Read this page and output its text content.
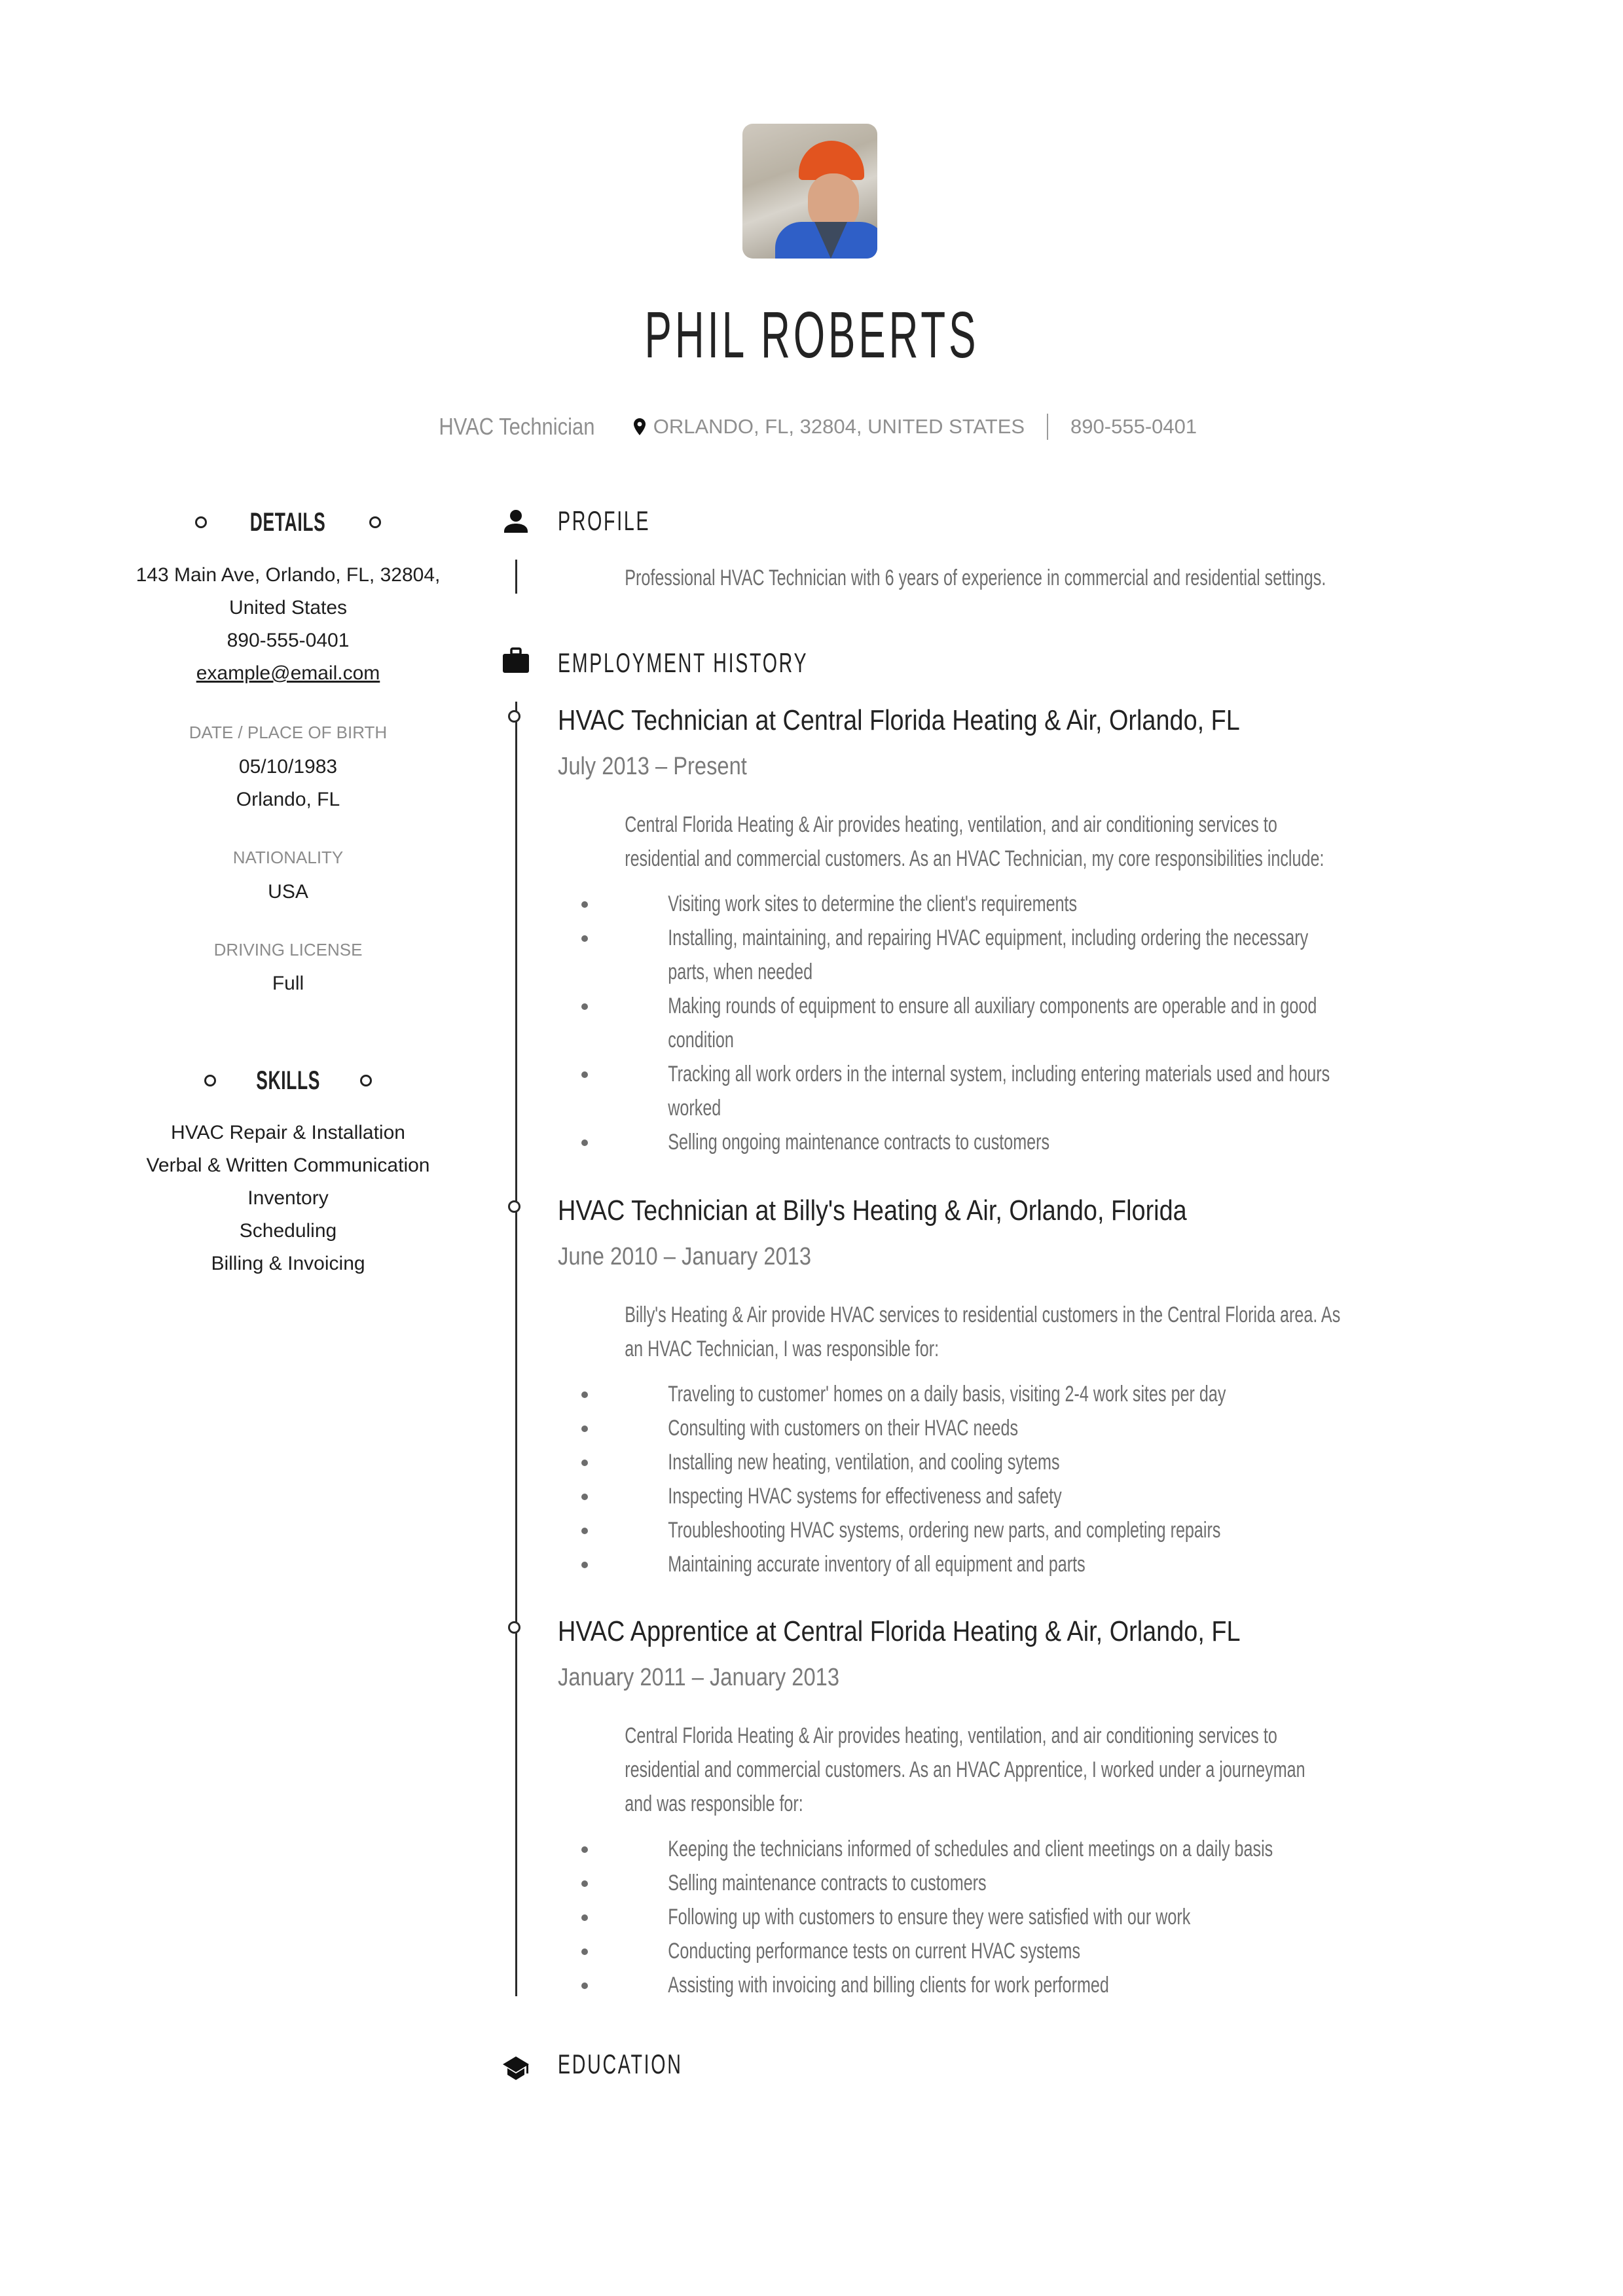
PHIL ROBERTS
HVAC Technician	ORLANDO, FL, 32804, UNITED STATES 890-555-0401
DETAILS
143 Main Ave, Orlando, FL, 32804,
United States
890-555-0401
example@email.com
DATE / PLACE OF BIRTH
05/10/1983
Orlando, FL
NATIONALITY
USA
DRIVING LICENSE
Full
SKILLS
HVAC Repair & Installation
Verbal & Written Communication
Inventory
Scheduling
Billing & Invoicing
PROFILE
Professional HVAC Technician with 6 years of experience in commercial and residential settings.
EMPLOYMENT HISTORY
HVAC Technician at Central Florida Heating & Air, Orlando, FL
July 2013 – Present
Central Florida Heating & Air provides heating, ventilation, and air conditioning services to
residential and commercial customers. As an HVAC Technician, my core responsibilities include:
Visiting work sites to determine the client's requirements
Installing, maintaining, and repairing HVAC equipment, including ordering the necessary
parts, when needed
Making rounds of equipment to ensure all auxiliary components are operable and in good
condition
Tracking all work orders in the internal system, including entering materials used and hours
worked
Selling ongoing maintenance contracts to customers
HVAC Technician at Billy's Heating & Air, Orlando, Florida
June 2010 – January 2013
Billy's Heating & Air provide HVAC services to residential customers in the Central Florida area. As
an HVAC Technician, I was responsible for:
Traveling to customer' homes on a daily basis, visiting 2-4 work sites per day
Consulting with customers on their HVAC needs
Installing new heating, ventilation, and cooling sytems
Inspecting HVAC systems for effectiveness and safety
Troubleshooting HVAC systems, ordering new parts, and completing repairs
Maintaining accurate inventory of all equipment and parts
HVAC Apprentice at Central Florida Heating & Air, Orlando, FL
January 2011 – January 2013
Central Florida Heating & Air provides heating, ventilation, and air conditioning services to
residential and commercial customers. As an HVAC Apprentice, I worked under a journeyman
and was responsible for:
Keeping the technicians informed of schedules and client meetings on a daily basis
Selling maintenance contracts to customers
Following up with customers to ensure they were satisfied with our work
Conducting performance tests on current HVAC systems
Assisting with invoicing and billing clients for work performed
EDUCATION
